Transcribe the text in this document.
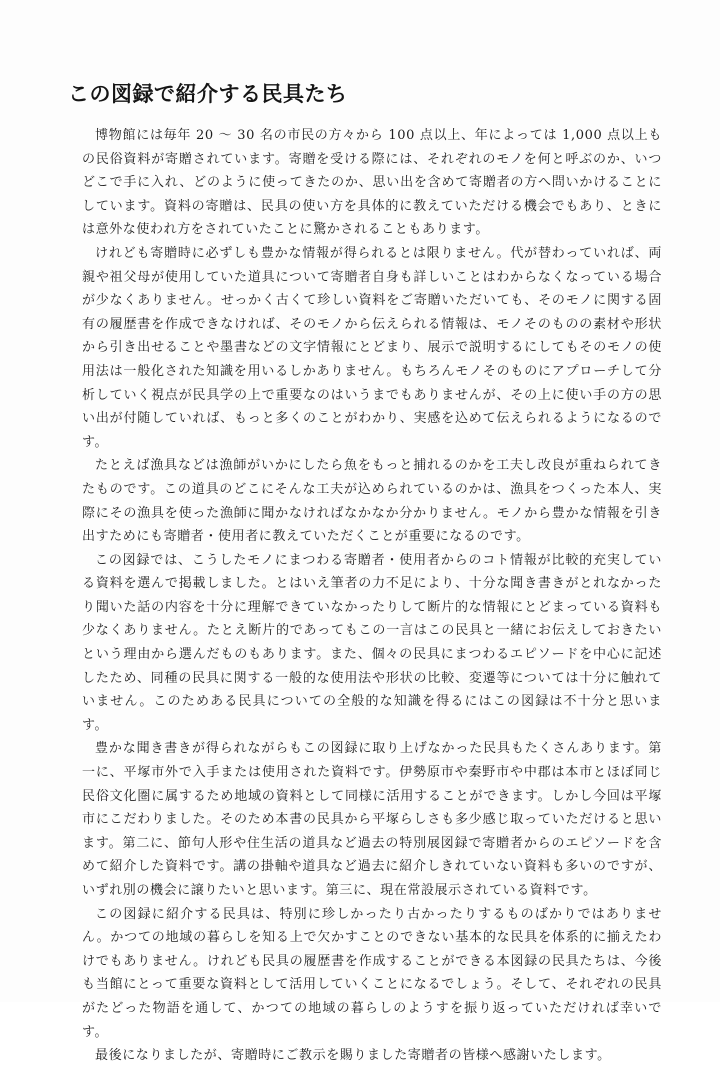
この図録で紹介する民具たち

博物館には毎年 20 ～ 30 名の市民の方々から 100 点以上、年によっては 1,000 点以上もの民俗資料が寄贈されています。寄贈を受ける際には、それぞれのモノを何と呼ぶのか、いつどこで手に入れ、どのように使ってきたのか、思い出を含めて寄贈者の方へ問いかけることにしています。資料の寄贈は、民具の使い方を具体的に教えていただける機会でもあり、ときには意外な使われ方をされていたことに驚かされることもあります。

けれども寄贈時に必ずしも豊かな情報が得られるとは限りません。代が替わっていれば、両親や祖父母が使用していた道具について寄贈者自身も詳しいことはわからなくなっている場合が少なくありません。せっかく古くて珍しい資料をご寄贈いただいても、そのモノに関する固有の履歴書を作成できなければ、そのモノから伝えられる情報は、モノそのものの素材や形状から引き出せることや墨書などの文字情報にとどまり、展示で説明するにしてもそのモノの使用法は一般化された知識を用いるしかありません。もちろんモノそのものにアプローチして分析していく視点が民具学の上で重要なのはいうまでもありませんが、その上に使い手の方の思い出が付随していれば、もっと多くのことがわかり、実感を込めて伝えられるようになるのです。

たとえば漁具などは漁師がいかにしたら魚をもっと捕れるのかを工夫し改良が重ねられてきたものです。この道具のどこにそんな工夫が込められているのかは、漁具をつくった本人、実際にその漁具を使った漁師に聞かなければなかなか分かりません。モノから豊かな情報を引き出すためにも寄贈者・使用者に教えていただくことが重要になるのです。

この図録では、こうしたモノにまつわる寄贈者・使用者からのコト情報が比較的充実している資料を選んで掲載しました。とはいえ筆者の力不足により、十分な聞き書きがとれなかったり聞いた話の内容を十分に理解できていなかったりして断片的な情報にとどまっている資料も少なくありません。たとえ断片的であってもこの一言はこの民具と一緒にお伝えしておきたいという理由から選んだものもあります。また、個々の民具にまつわるエピソードを中心に記述したため、同種の民具に関する一般的な使用法や形状の比較、変遷等については十分に触れていません。このためある民具についての全般的な知識を得るにはこの図録は不十分と思います。

豊かな聞き書きが得られながらもこの図録に取り上げなかった民具もたくさんあります。第一に、平塚市外で入手または使用された資料です。伊勢原市や秦野市や中郡は本市とほぼ同じ民俗文化圏に属するため地域の資料として同様に活用することができます。しかし今回は平塚市にこだわりました。そのため本書の民具から平塚らしさも多少感じ取っていただけると思います。第二に、節句人形や住生活の道具など過去の特別展図録で寄贈者からのエピソードを含めて紹介した資料です。講の掛軸や道具など過去に紹介しきれていない資料も多いのですが、いずれ別の機会に譲りたいと思います。第三に、現在常設展示されている資料です。

この図録に紹介する民具は、特別に珍しかったり古かったりするものばかりではありません。かつての地域の暮らしを知る上で欠かすことのできない基本的な民具を体系的に揃えたわけでもありません。けれども民具の履歴書を作成することができる本図録の民具たちは、今後も当館にとって重要な資料として活用していくことになるでしょう。そして、それぞれの民具がたどった物語を通して、かつての地域の暮らしのようすを振り返っていただければ幸いです。

最後になりましたが、寄贈時にご教示を賜りました寄贈者の皆様へ感謝いたします。
